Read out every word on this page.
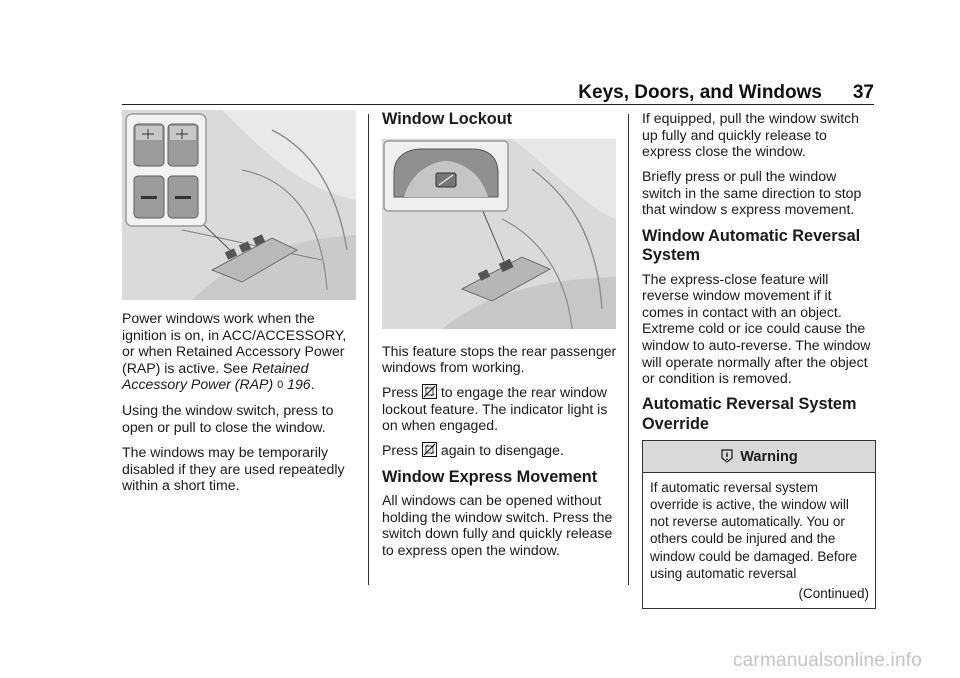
Keys, Doors, and Windows 37

Power windows work when the ignition is on, in ACC/ACCESSORY, or when Retained Accessory Power (RAP) is active. See Retained Accessory Power (RAP) 0 196.

Using the window switch, press to open or pull to close the window.

The windows may be temporarily disabled if they are used repeatedly within a short time.

Window Lockout

This feature stops the rear passenger windows from working.

Press  to engage the rear window lockout feature. The indicator light is on when engaged.

Press  again to disengage.

Window Express Movement

All windows can be opened without holding the window switch. Press the switch down fully and quickly release to express open the window.

If equipped, pull the window switch up fully and quickly release to express close the window.

Briefly press or pull the window switch in the same direction to stop that window s express movement.

Window Automatic Reversal System

The express-close feature will reverse window movement if it comes in contact with an object. Extreme cold or ice could cause the window to auto-reverse. The window will operate normally after the object or condition is removed.

Automatic Reversal System Override
Warning
If automatic reversal system override is active, the window will not reverse automatically. You or others could be injured and the window could be damaged. Before using automatic reversal
(Continued)
carmanualsonline.info
